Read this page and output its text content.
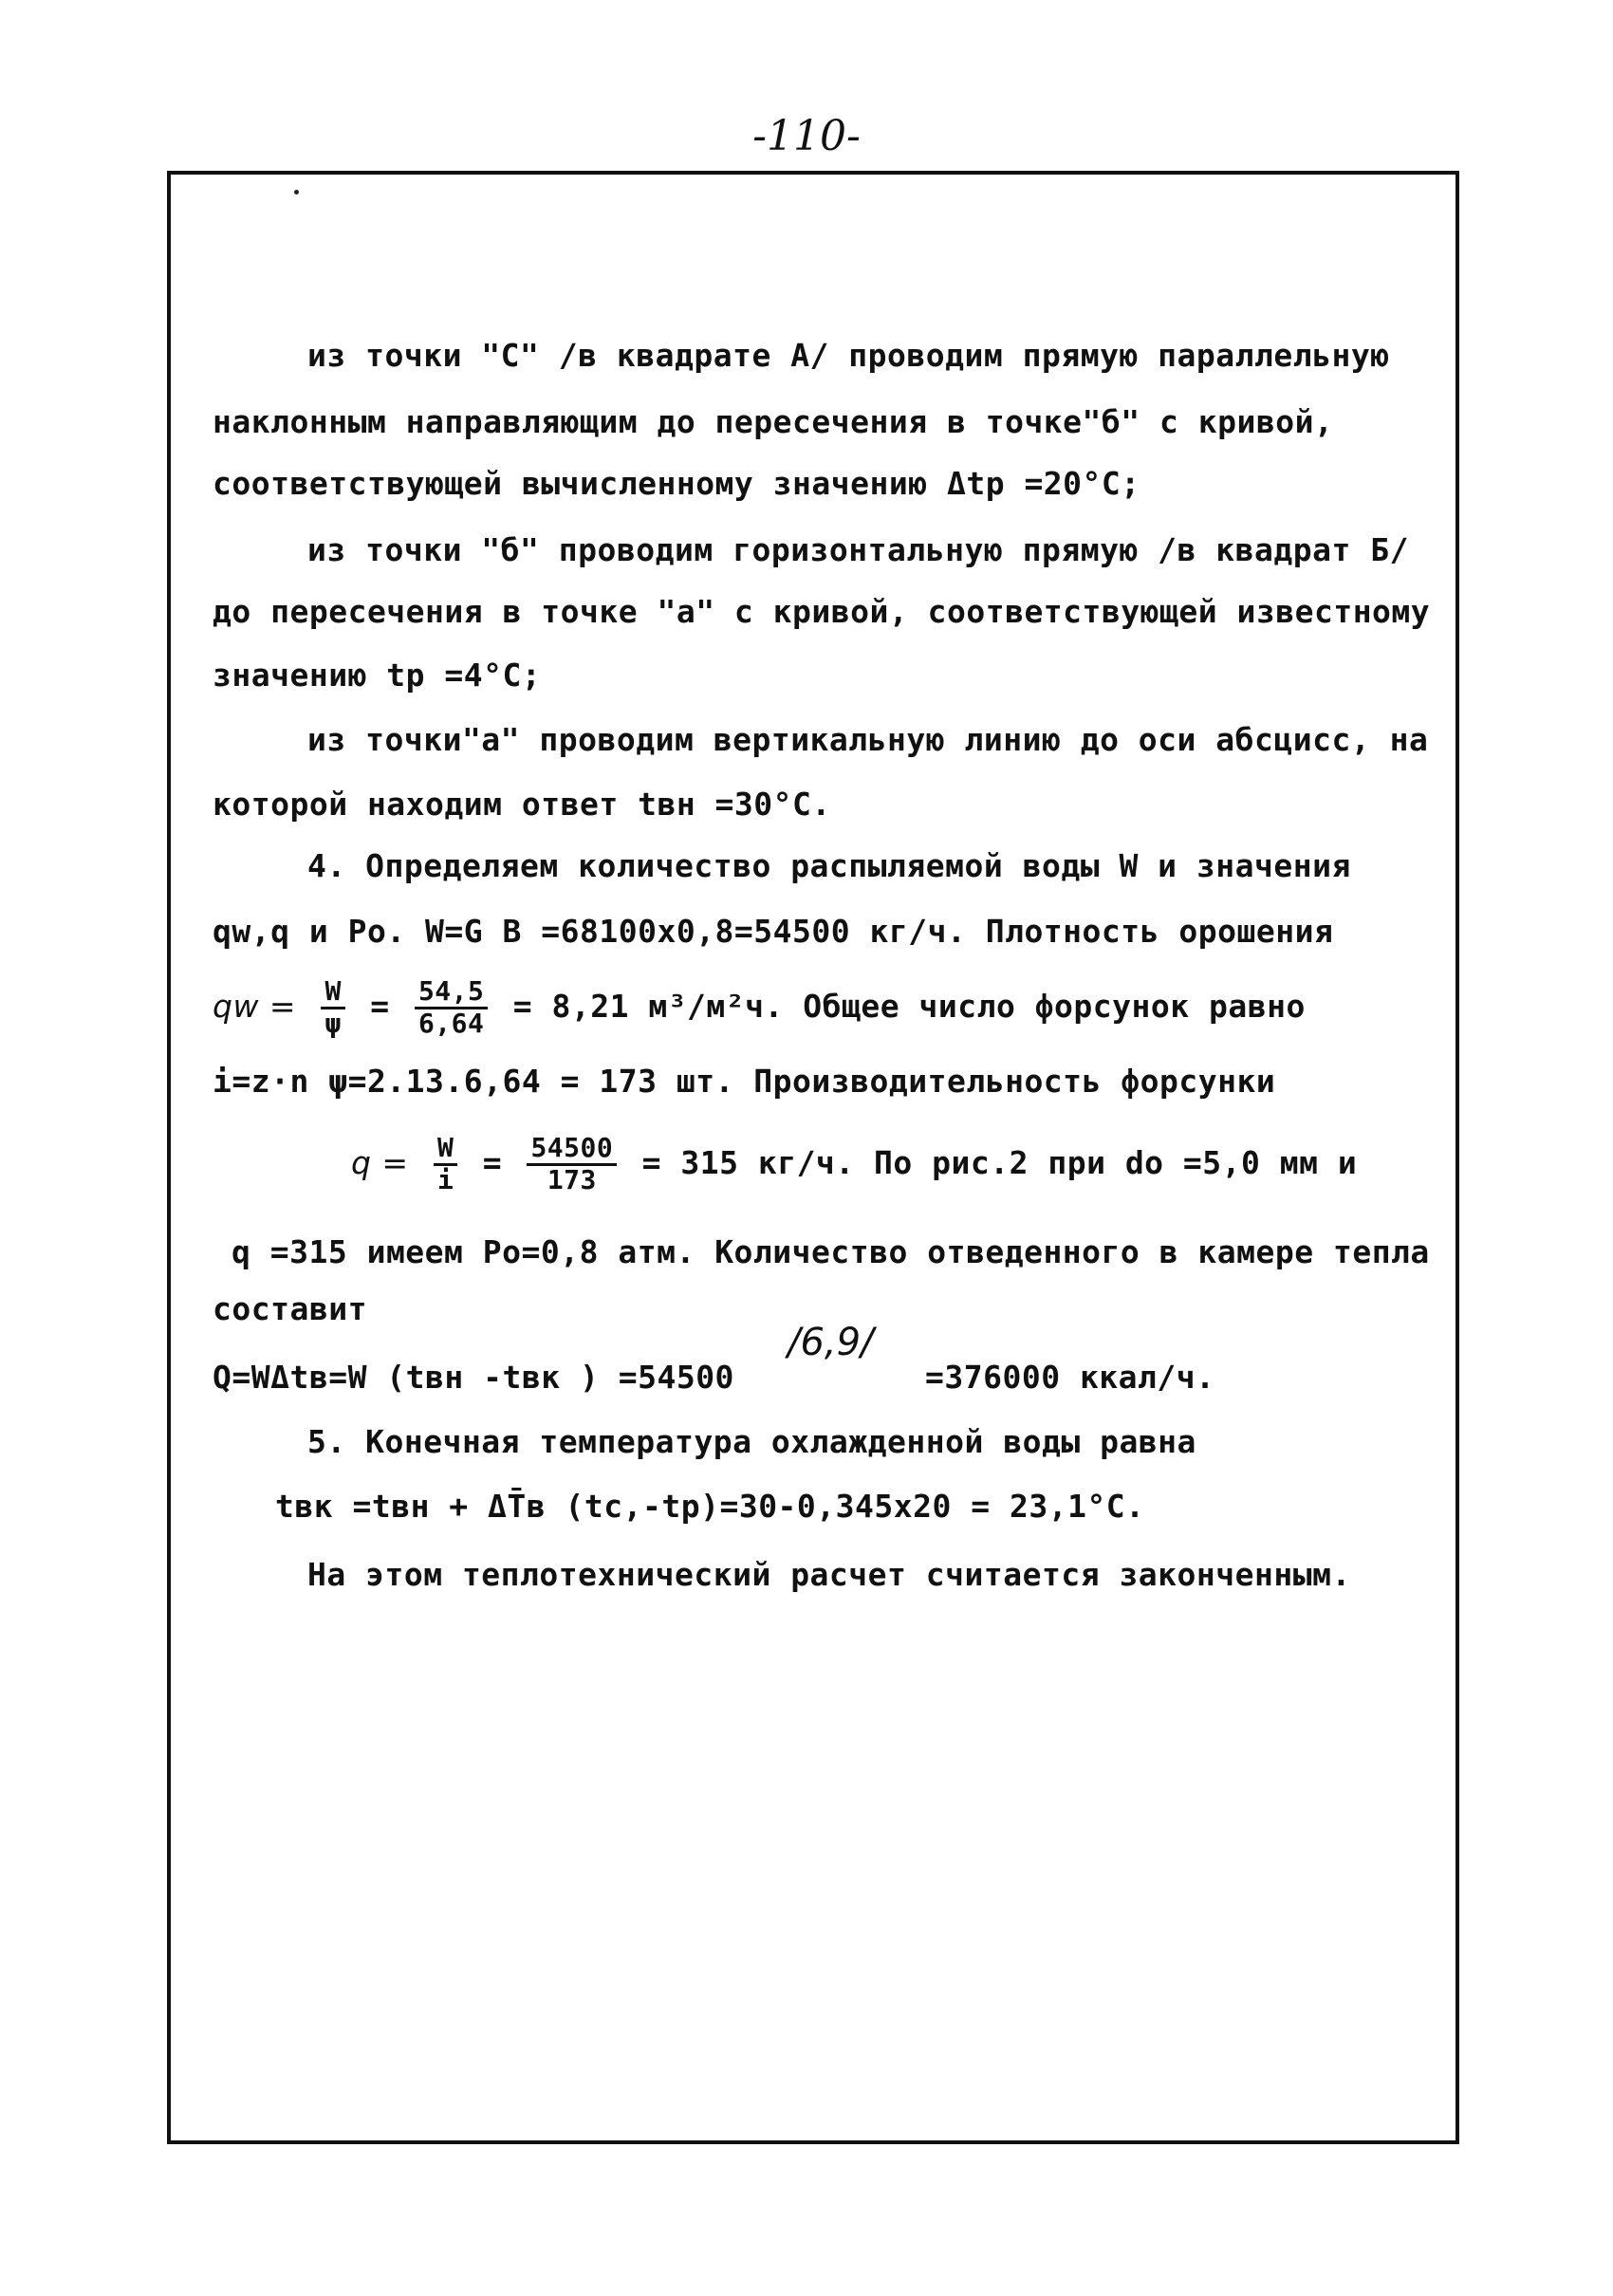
-110-
из точки "С" /в квадрате А/ проводим прямую параллельную
наклонным направляющим до пересечения в точке"б" с кривой,
соответствующей вычисленному значению Δtр =20°С;
из точки "б" проводим горизонтальную прямую /в квадрат Б/
до пересечения в точке "а" с кривой, соответствующей известному
значению tр =4°С;
из точки"а" проводим вертикальную линию до оси абсцисс, на
которой находим ответ tвн =30°С.
4. Определяем количество распыляемой воды W и значения
qw,q и Ро. W=G В =68100х0,8=54500 кг/ч. Плотность орошения
qw = $\frac{W}{\psi} = \frac{54,5}{6,64} = 8,21$ м³/м²ч. Общее число форсунок равно
i=z·n ψ=2.13.6,64 = 173 шт. Производительность форсунки
$q = \frac{W}{i} = \frac{54500}{173} = 315$ кг/ч. По рис.2 при dо =5,0 мм и
q =315 имеем Ро=0,8 атм. Количество отведенного в камере тепла
составит
Q=WΔtв=W (tвн -tвк ) =54500
/6,9/
=376000 ккал/ч.
5. Конечная температура охлажденной воды равна
tвк =tвн + ΔT̄в (tс,-tр)=30-0,345х20 = 23,1°С.
На этом теплотехнический расчет считается законченным.
